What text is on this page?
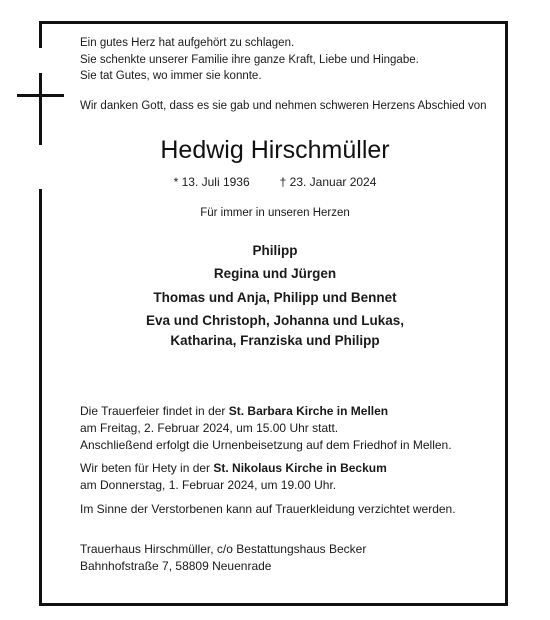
Ein gutes Herz hat aufgehört zu schlagen.
Sie schenkte unserer Familie ihre ganze Kraft, Liebe und Hingabe.
Sie tat Gutes, wo immer sie konnte.
Wir danken Gott, dass es sie gab und nehmen schweren Herzens Abschied von
Hedwig Hirschmüller
* 13. Juli 1936	† 23. Januar 2024
Für immer in unseren Herzen
Philipp
Regina und Jürgen
Thomas und Anja, Philipp und Bennet
Eva und Christoph, Johanna und Lukas,
Katharina, Franziska und Philipp

Die Trauerfeier findet in der St. Barbara Kirche in Mellen

am Freitag, 2. Februar 2024, um 15.00 Uhr statt.

Anschließend erfolgt die Urnenbeisetzung auf dem Friedhof in Mellen.

Wir beten für Hety in der St. Nikolaus Kirche in Beckum

am Donnerstag, 1. Februar 2024, um 19.00 Uhr.

Im Sinne der Verstorbenen kann auf Trauerkleidung verzichtet werden.

Trauerhaus Hirschmüller, c/o Bestattungshaus Becker
Bahnhofstraße 7, 58809 Neuenrade
